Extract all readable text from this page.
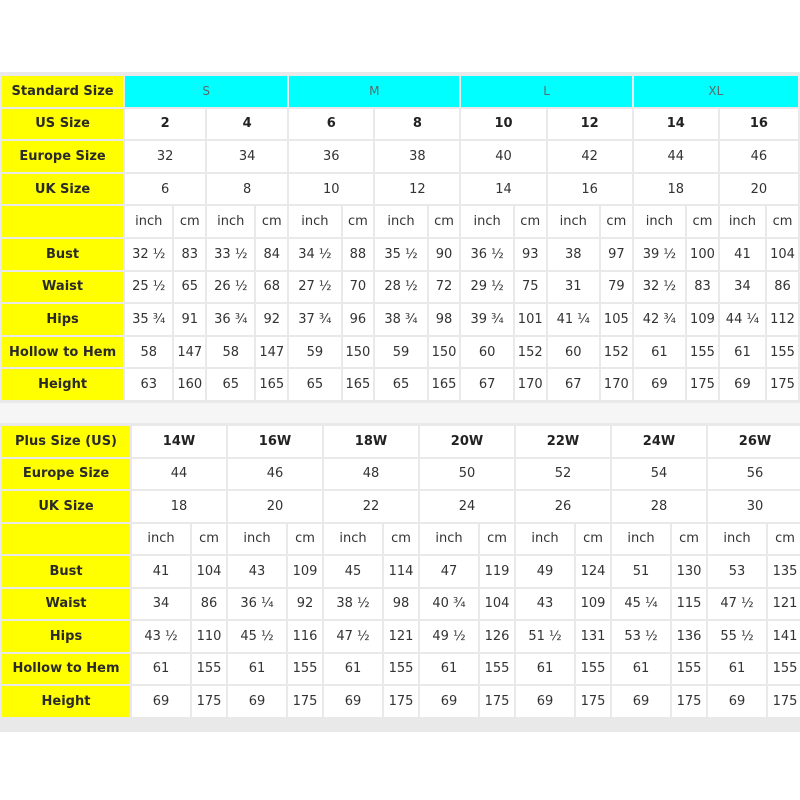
Standard Size	S				M				L				XL			
US Size	2		4		6		8		10		12		14		16	
Europe Size	32		34		36		38		40		42		44		46	
UK Size	6		8		10		12		14		16		18		20	
	inch	cm	inch	cm	inch	cm	inch	cm	inch	cm	inch	cm	inch	cm	inch	cm
Bust	32 ½	83	33 ½	84	34 ½	88	35 ½	90	36 ½	93	38	97	39 ½	100	41	104
Waist	25 ½	65	26 ½	68	27 ½	70	28 ½	72	29 ½	75	31	79	32 ½	83	34	86
Hips	35 ¾	91	36 ¾	92	37 ¾	96	38 ¾	98	39 ¾	101	41 ¼	105	42 ¾	109	44 ¼	112
Hollow to Hem	58	147	58	147	59	150	59	150	60	152	60	152	61	155	61	155
Height	63	160	65	165	65	165	65	165	67	170	67	170	69	175	69	175
Plus Size (US)	14W		16W		18W		20W		22W		24W		26W	
Europe Size	44		46		48		50		52		54		56	
UK Size	18		20		22		24		26		28		30	
	inch	cm	inch	cm	inch	cm	inch	cm	inch	cm	inch	cm	inch	cm
Bust	41	104	43	109	45	114	47	119	49	124	51	130	53	135
Waist	34	86	36 ¼	92	38 ½	98	40 ¾	104	43	109	45 ¼	115	47 ½	121
Hips	43 ½	110	45 ½	116	47 ½	121	49 ½	126	51 ½	131	53 ½	136	55 ½	141
Hollow to Hem	61	155	61	155	61	155	61	155	61	155	61	155	61	155
Height	69	175	69	175	69	175	69	175	69	175	69	175	69	175
